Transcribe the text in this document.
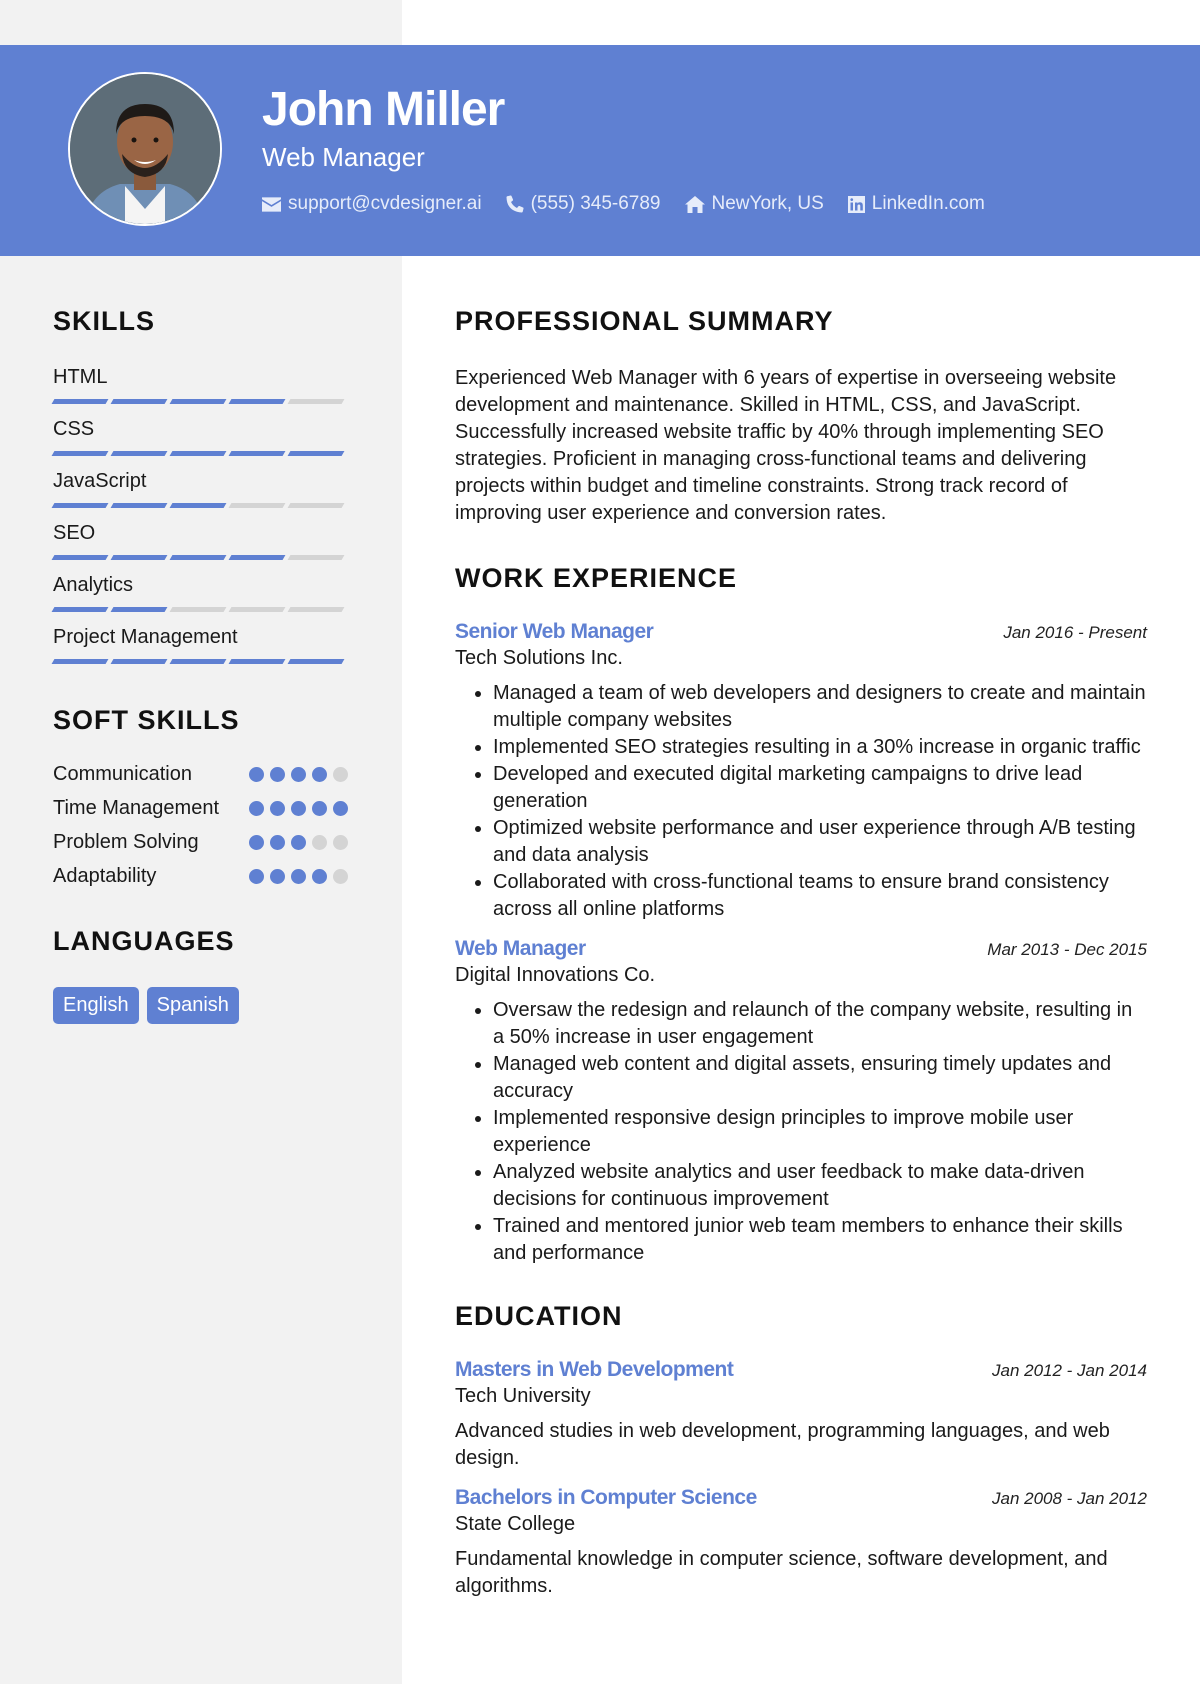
John Miller
Web Manager
support@cvdesigner.ai	(555) 345-6789	NewYork, US	LinkedIn.com
SKILLS
HTML
CSS
JavaScript
SEO
Analytics
Project Management
SOFT SKILLS
Communication
Time Management
Problem Solving
Adaptability
LANGUAGES
English	Spanish
PROFESSIONAL SUMMARY

Experienced Web Manager with 6 years of expertise in overseeing website development and maintenance. Skilled in HTML, CSS, and JavaScript. Successfully increased website traffic by 40% through implementing SEO strategies. Proficient in managing cross-functional teams and delivering projects within budget and timeline constraints. Strong track record of improving user experience and conversion rates.

WORK EXPERIENCE
Senior Web Manager	Jan 2016 - Present
Tech Solutions Inc.
• Managed a team of web developers and designers to create and maintain multiple company websites
• Implemented SEO strategies resulting in a 30% increase in organic traffic
• Developed and executed digital marketing campaigns to drive lead generation
• Optimized website performance and user experience through A/B testing and data analysis
• Collaborated with cross-functional teams to ensure brand consistency across all online platforms
Web Manager	Mar 2013 - Dec 2015
Digital Innovations Co.
• Oversaw the redesign and relaunch of the company website, resulting in a 50% increase in user engagement
• Managed web content and digital assets, ensuring timely updates and accuracy
• Implemented responsive design principles to improve mobile user experience
• Analyzed website analytics and user feedback to make data-driven decisions for continuous improvement
• Trained and mentored junior web team members to enhance their skills and performance
EDUCATION
Masters in Web Development	Jan 2012 - Jan 2014
Tech University

Advanced studies in web development, programming languages, and web design.

Bachelors in Computer Science	Jan 2008 - Jan 2012
State College

Fundamental knowledge in computer science, software development, and algorithms.
